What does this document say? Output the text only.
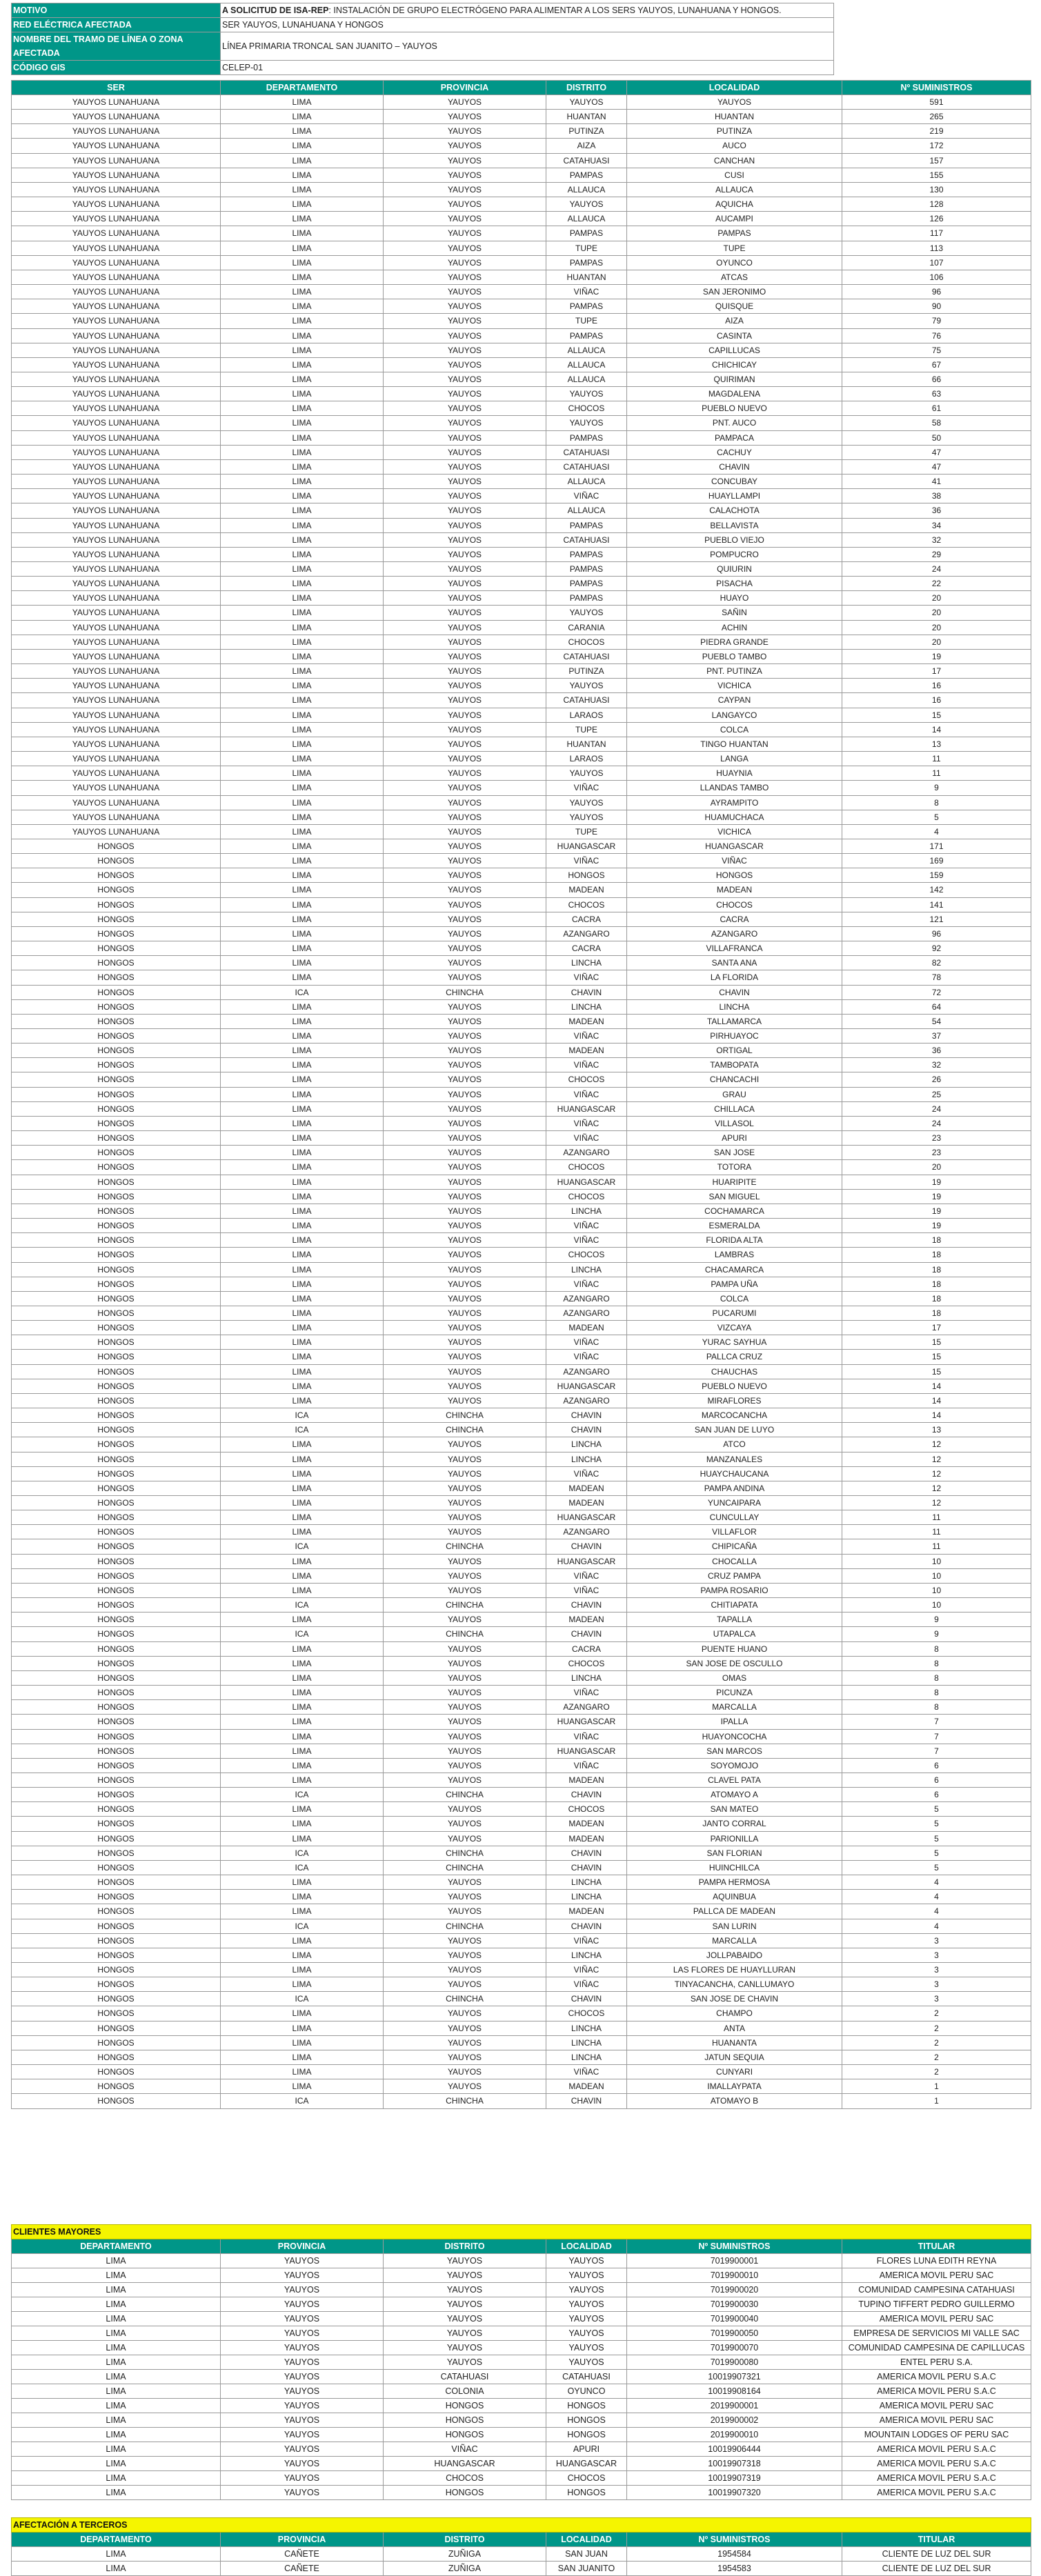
MOTIVO	A SOLICITUD DE ISA-REP: INSTALACIÓN DE GRUPO ELECTRÓGENO PARA ALIMENTAR A LOS SERS YAUYOS, LUNAHUANA Y HONGOS.
RED ELÉCTRICA AFECTADA	SER YAUYOS, LUNAHUANA Y HONGOS
NOMBRE DEL TRAMO DE LÍNEA O ZONA AFECTADA	LÍNEA PRIMARIA TRONCAL SAN JUANITO – YAUYOS
CÓDIGO GIS	CELEP-01
SER	DEPARTAMENTO	PROVINCIA	DISTRITO	LOCALIDAD	Nº SUMINISTROS
YAUYOS LUNAHUANA	LIMA	YAUYOS	YAUYOS	YAUYOS	591
YAUYOS LUNAHUANA	LIMA	YAUYOS	HUANTAN	HUANTAN	265
YAUYOS LUNAHUANA	LIMA	YAUYOS	PUTINZA	PUTINZA	219
YAUYOS LUNAHUANA	LIMA	YAUYOS	AIZA	AUCO	172
YAUYOS LUNAHUANA	LIMA	YAUYOS	CATAHUASI	CANCHAN	157
YAUYOS LUNAHUANA	LIMA	YAUYOS	PAMPAS	CUSI	155
YAUYOS LUNAHUANA	LIMA	YAUYOS	ALLAUCA	ALLAUCA	130
YAUYOS LUNAHUANA	LIMA	YAUYOS	YAUYOS	AQUICHA	128
YAUYOS LUNAHUANA	LIMA	YAUYOS	ALLAUCA	AUCAMPI	126
YAUYOS LUNAHUANA	LIMA	YAUYOS	PAMPAS	PAMPAS	117
YAUYOS LUNAHUANA	LIMA	YAUYOS	TUPE	TUPE	113
YAUYOS LUNAHUANA	LIMA	YAUYOS	PAMPAS	OYUNCO	107
YAUYOS LUNAHUANA	LIMA	YAUYOS	HUANTAN	ATCAS	106
YAUYOS LUNAHUANA	LIMA	YAUYOS	VIÑAC	SAN JERONIMO	96
YAUYOS LUNAHUANA	LIMA	YAUYOS	PAMPAS	QUISQUE	90
YAUYOS LUNAHUANA	LIMA	YAUYOS	TUPE	AIZA	79
YAUYOS LUNAHUANA	LIMA	YAUYOS	PAMPAS	CASINTA	76
YAUYOS LUNAHUANA	LIMA	YAUYOS	ALLAUCA	CAPILLUCAS	75
YAUYOS LUNAHUANA	LIMA	YAUYOS	ALLAUCA	CHICHICAY	67
YAUYOS LUNAHUANA	LIMA	YAUYOS	ALLAUCA	QUIRIMAN	66
YAUYOS LUNAHUANA	LIMA	YAUYOS	YAUYOS	MAGDALENA	63
YAUYOS LUNAHUANA	LIMA	YAUYOS	CHOCOS	PUEBLO NUEVO	61
YAUYOS LUNAHUANA	LIMA	YAUYOS	YAUYOS	PNT. AUCO	58
YAUYOS LUNAHUANA	LIMA	YAUYOS	PAMPAS	PAMPACA	50
YAUYOS LUNAHUANA	LIMA	YAUYOS	CATAHUASI	CACHUY	47
YAUYOS LUNAHUANA	LIMA	YAUYOS	CATAHUASI	CHAVIN	47
YAUYOS LUNAHUANA	LIMA	YAUYOS	ALLAUCA	CONCUBAY	41
YAUYOS LUNAHUANA	LIMA	YAUYOS	VIÑAC	HUAYLLAMPI	38
YAUYOS LUNAHUANA	LIMA	YAUYOS	ALLAUCA	CALACHOTA	36
YAUYOS LUNAHUANA	LIMA	YAUYOS	PAMPAS	BELLAVISTA	34
YAUYOS LUNAHUANA	LIMA	YAUYOS	CATAHUASI	PUEBLO VIEJO	32
YAUYOS LUNAHUANA	LIMA	YAUYOS	PAMPAS	POMPUCRO	29
YAUYOS LUNAHUANA	LIMA	YAUYOS	PAMPAS	QUIURIN	24
YAUYOS LUNAHUANA	LIMA	YAUYOS	PAMPAS	PISACHA	22
YAUYOS LUNAHUANA	LIMA	YAUYOS	PAMPAS	HUAYO	20
YAUYOS LUNAHUANA	LIMA	YAUYOS	YAUYOS	SAÑIN	20
YAUYOS LUNAHUANA	LIMA	YAUYOS	CARANIA	ACHIN	20
YAUYOS LUNAHUANA	LIMA	YAUYOS	CHOCOS	PIEDRA GRANDE	20
YAUYOS LUNAHUANA	LIMA	YAUYOS	CATAHUASI	PUEBLO TAMBO	19
YAUYOS LUNAHUANA	LIMA	YAUYOS	PUTINZA	PNT. PUTINZA	17
YAUYOS LUNAHUANA	LIMA	YAUYOS	YAUYOS	VICHICA	16
YAUYOS LUNAHUANA	LIMA	YAUYOS	CATAHUASI	CAYPAN	16
YAUYOS LUNAHUANA	LIMA	YAUYOS	LARAOS	LANGAYCO	15
YAUYOS LUNAHUANA	LIMA	YAUYOS	TUPE	COLCA	14
YAUYOS LUNAHUANA	LIMA	YAUYOS	HUANTAN	TINGO HUANTAN	13
YAUYOS LUNAHUANA	LIMA	YAUYOS	LARAOS	LANGA	11
YAUYOS LUNAHUANA	LIMA	YAUYOS	YAUYOS	HUAYNIA	11
YAUYOS LUNAHUANA	LIMA	YAUYOS	VIÑAC	LLANDAS TAMBO	9
YAUYOS LUNAHUANA	LIMA	YAUYOS	YAUYOS	AYRAMPITO	8
YAUYOS LUNAHUANA	LIMA	YAUYOS	YAUYOS	HUAMUCHACA	5
YAUYOS LUNAHUANA	LIMA	YAUYOS	TUPE	VICHICA	4
HONGOS	LIMA	YAUYOS	HUANGASCAR	HUANGASCAR	171
HONGOS	LIMA	YAUYOS	VIÑAC	VIÑAC	169
HONGOS	LIMA	YAUYOS	HONGOS	HONGOS	159
HONGOS	LIMA	YAUYOS	MADEAN	MADEAN	142
HONGOS	LIMA	YAUYOS	CHOCOS	CHOCOS	141
HONGOS	LIMA	YAUYOS	CACRA	CACRA	121
HONGOS	LIMA	YAUYOS	AZANGARO	AZANGARO	96
HONGOS	LIMA	YAUYOS	CACRA	VILLAFRANCA	92
HONGOS	LIMA	YAUYOS	LINCHA	SANTA ANA	82
HONGOS	LIMA	YAUYOS	VIÑAC	LA FLORIDA	78
HONGOS	ICA	CHINCHA	CHAVIN	CHAVIN	72
HONGOS	LIMA	YAUYOS	LINCHA	LINCHA	64
HONGOS	LIMA	YAUYOS	MADEAN	TALLAMARCA	54
HONGOS	LIMA	YAUYOS	VIÑAC	PIRHUAYOC	37
HONGOS	LIMA	YAUYOS	MADEAN	ORTIGAL	36
HONGOS	LIMA	YAUYOS	VIÑAC	TAMBOPATA	32
HONGOS	LIMA	YAUYOS	CHOCOS	CHANCACHI	26
HONGOS	LIMA	YAUYOS	VIÑAC	GRAU	25
HONGOS	LIMA	YAUYOS	HUANGASCAR	CHILLACA	24
HONGOS	LIMA	YAUYOS	VIÑAC	VILLASOL	24
HONGOS	LIMA	YAUYOS	VIÑAC	APURI	23
HONGOS	LIMA	YAUYOS	AZANGARO	SAN JOSE	23
HONGOS	LIMA	YAUYOS	CHOCOS	TOTORA	20
HONGOS	LIMA	YAUYOS	HUANGASCAR	HUARIPITE	19
HONGOS	LIMA	YAUYOS	CHOCOS	SAN MIGUEL	19
HONGOS	LIMA	YAUYOS	LINCHA	COCHAMARCA	19
HONGOS	LIMA	YAUYOS	VIÑAC	ESMERALDA	19
HONGOS	LIMA	YAUYOS	VIÑAC	FLORIDA ALTA	18
HONGOS	LIMA	YAUYOS	CHOCOS	LAMBRAS	18
HONGOS	LIMA	YAUYOS	LINCHA	CHACAMARCA	18
HONGOS	LIMA	YAUYOS	VIÑAC	PAMPA UÑA	18
HONGOS	LIMA	YAUYOS	AZANGARO	COLCA	18
HONGOS	LIMA	YAUYOS	AZANGARO	PUCARUMI	18
HONGOS	LIMA	YAUYOS	MADEAN	VIZCAYA	17
HONGOS	LIMA	YAUYOS	VIÑAC	YURAC SAYHUA	15
HONGOS	LIMA	YAUYOS	VIÑAC	PALLCA CRUZ	15
HONGOS	LIMA	YAUYOS	AZANGARO	CHAUCHAS	15
HONGOS	LIMA	YAUYOS	HUANGASCAR	PUEBLO NUEVO	14
HONGOS	LIMA	YAUYOS	AZANGARO	MIRAFLORES	14
HONGOS	ICA	CHINCHA	CHAVIN	MARCOCANCHA	14
HONGOS	ICA	CHINCHA	CHAVIN	SAN JUAN DE LUYO	13
HONGOS	LIMA	YAUYOS	LINCHA	ATCO	12
HONGOS	LIMA	YAUYOS	LINCHA	MANZANALES	12
HONGOS	LIMA	YAUYOS	VIÑAC	HUAYCHAUCANA	12
HONGOS	LIMA	YAUYOS	MADEAN	PAMPA ANDINA	12
HONGOS	LIMA	YAUYOS	MADEAN	YUNCAIPARA	12
HONGOS	LIMA	YAUYOS	HUANGASCAR	CUNCULLAY	11
HONGOS	LIMA	YAUYOS	AZANGARO	VILLAFLOR	11
HONGOS	ICA	CHINCHA	CHAVIN	CHIPICAÑA	11
HONGOS	LIMA	YAUYOS	HUANGASCAR	CHOCALLA	10
HONGOS	LIMA	YAUYOS	VIÑAC	CRUZ PAMPA	10
HONGOS	LIMA	YAUYOS	VIÑAC	PAMPA ROSARIO	10
HONGOS	ICA	CHINCHA	CHAVIN	CHITIAPATA	10
HONGOS	LIMA	YAUYOS	MADEAN	TAPALLA	9
HONGOS	ICA	CHINCHA	CHAVIN	UTAPALCA	9
HONGOS	LIMA	YAUYOS	CACRA	PUENTE HUANO	8
HONGOS	LIMA	YAUYOS	CHOCOS	SAN JOSE DE OSCULLO	8
HONGOS	LIMA	YAUYOS	LINCHA	OMAS	8
HONGOS	LIMA	YAUYOS	VIÑAC	PICUNZA	8
HONGOS	LIMA	YAUYOS	AZANGARO	MARCALLA	8
HONGOS	LIMA	YAUYOS	HUANGASCAR	IPALLA	7
HONGOS	LIMA	YAUYOS	VIÑAC	HUAYONCOCHA	7
HONGOS	LIMA	YAUYOS	HUANGASCAR	SAN MARCOS	7
HONGOS	LIMA	YAUYOS	VIÑAC	SOYOMOJO	6
HONGOS	LIMA	YAUYOS	MADEAN	CLAVEL PATA	6
HONGOS	ICA	CHINCHA	CHAVIN	ATOMAYO A	6
HONGOS	LIMA	YAUYOS	CHOCOS	SAN MATEO	5
HONGOS	LIMA	YAUYOS	MADEAN	JANTO CORRAL	5
HONGOS	LIMA	YAUYOS	MADEAN	PARIONILLA	5
HONGOS	ICA	CHINCHA	CHAVIN	SAN FLORIAN	5
HONGOS	ICA	CHINCHA	CHAVIN	HUINCHILCA	5
HONGOS	LIMA	YAUYOS	LINCHA	PAMPA HERMOSA	4
HONGOS	LIMA	YAUYOS	LINCHA	AQUINBUA	4
HONGOS	LIMA	YAUYOS	MADEAN	PALLCA DE MADEAN	4
HONGOS	ICA	CHINCHA	CHAVIN	SAN LURIN	4
HONGOS	LIMA	YAUYOS	VIÑAC	MARCALLA	3
HONGOS	LIMA	YAUYOS	LINCHA	JOLLPABAIDO	3
HONGOS	LIMA	YAUYOS	VIÑAC	LAS FLORES DE HUAYLLURAN	3
HONGOS	LIMA	YAUYOS	VIÑAC	TINYACANCHA, CANLLUMAYO	3
HONGOS	ICA	CHINCHA	CHAVIN	SAN JOSE DE CHAVIN	3
HONGOS	LIMA	YAUYOS	CHOCOS	CHAMPO	2
HONGOS	LIMA	YAUYOS	LINCHA	ANTA	2
HONGOS	LIMA	YAUYOS	LINCHA	HUANANTA	2
HONGOS	LIMA	YAUYOS	LINCHA	JATUN SEQUIA	2
HONGOS	LIMA	YAUYOS	VIÑAC	CUNYARI	2
HONGOS	LIMA	YAUYOS	MADEAN	IMALLAYPATA	1
HONGOS	ICA	CHINCHA	CHAVIN	ATOMAYO B	1
CLIENTES MAYORES					
DEPARTAMENTO	PROVINCIA	DISTRITO	LOCALIDAD	Nº SUMINISTROS	TITULAR
LIMA	YAUYOS	YAUYOS	YAUYOS	7019900001	FLORES LUNA EDITH REYNA
LIMA	YAUYOS	YAUYOS	YAUYOS	7019900010	AMERICA MOVIL PERU SAC
LIMA	YAUYOS	YAUYOS	YAUYOS	7019900020	COMUNIDAD CAMPESINA CATAHUASI
LIMA	YAUYOS	YAUYOS	YAUYOS	7019900030	TUPINO TIFFERT PEDRO GUILLERMO
LIMA	YAUYOS	YAUYOS	YAUYOS	7019900040	AMERICA MOVIL PERU SAC
LIMA	YAUYOS	YAUYOS	YAUYOS	7019900050	EMPRESA DE SERVICIOS MI VALLE SAC
LIMA	YAUYOS	YAUYOS	YAUYOS	7019900070	COMUNIDAD CAMPESINA DE CAPILLUCAS
LIMA	YAUYOS	YAUYOS	YAUYOS	7019900080	ENTEL PERU S.A.
LIMA	YAUYOS	CATAHUASI	CATAHUASI	10019907321	AMERICA MOVIL PERU S.A.C
LIMA	YAUYOS	COLONIA	OYUNCO	10019908164	AMERICA MOVIL PERU S.A.C
LIMA	YAUYOS	HONGOS	HONGOS	2019900001	AMERICA MOVIL PERU SAC
LIMA	YAUYOS	HONGOS	HONGOS	2019900002	AMERICA MOVIL PERU SAC
LIMA	YAUYOS	HONGOS	HONGOS	2019900010	MOUNTAIN LODGES OF PERU SAC
LIMA	YAUYOS	VIÑAC	APURI	10019906444	AMERICA MOVIL PERU S.A.C
LIMA	YAUYOS	HUANGASCAR	HUANGASCAR	10019907318	AMERICA MOVIL PERU S.A.C
LIMA	YAUYOS	CHOCOS	CHOCOS	10019907319	AMERICA MOVIL PERU S.A.C
LIMA	YAUYOS	HONGOS	HONGOS	10019907320	AMERICA MOVIL PERU S.A.C
AFECTACIÓN A TERCEROS					
DEPARTAMENTO	PROVINCIA	DISTRITO	LOCALIDAD	Nº SUMINISTROS	TITULAR
LIMA	CAÑETE	ZUÑIGA	SAN JUAN	1954584	CLIENTE DE LUZ DEL SUR
LIMA	CAÑETE	ZUÑIGA	SAN JUANITO	1954583	CLIENTE DE LUZ DEL SUR
